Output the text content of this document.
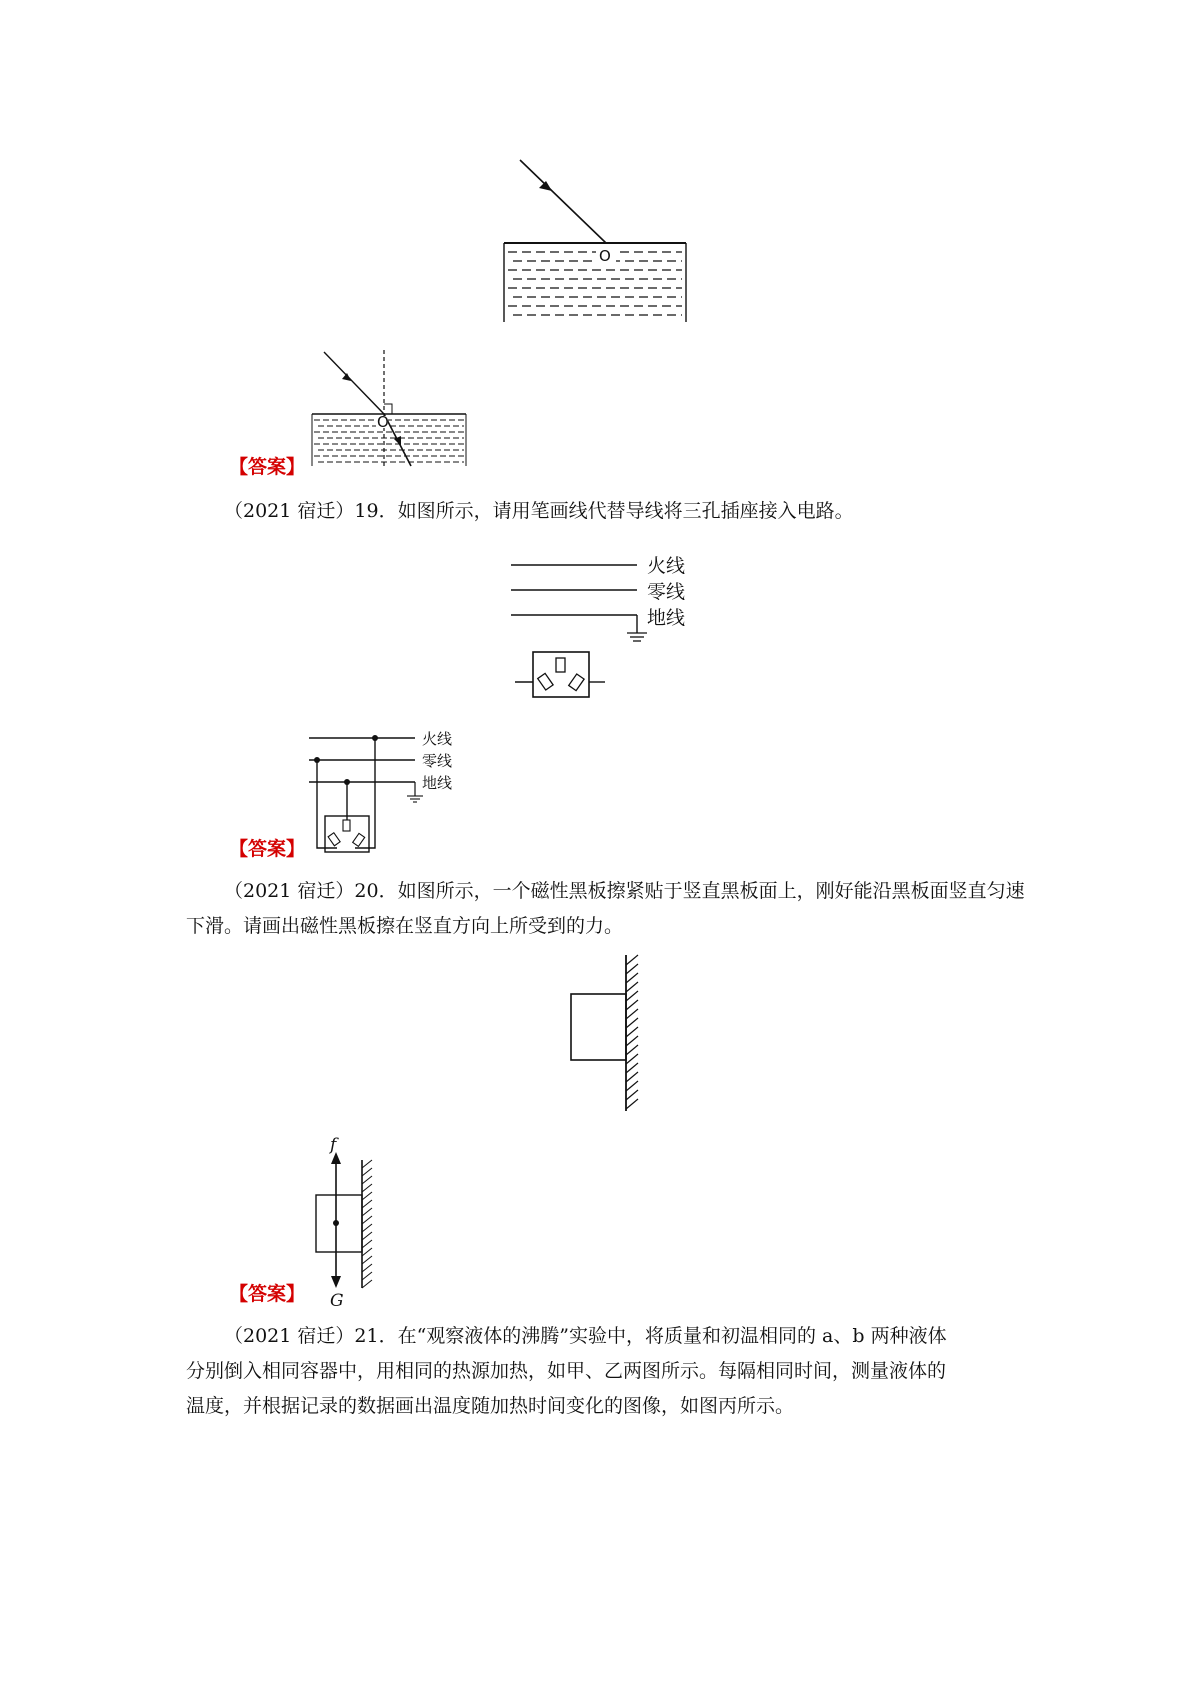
O
O
【答案】

（2021 宿迁）19．如图所示，请用笔画线代替导线将三孔插座接入电路。

火线
零线
地线
火线
零线
地线
【答案】

（2021 宿迁）20．如图所示，一个磁性黑板擦紧贴于竖直黑板面上，刚好能沿黑板面竖直匀速下滑。请画出磁性黑板擦在竖直方向上所受到的力。

f
G
【答案】

（2021 宿迁）21．在“观察液体的沸腾”实验中，将质量和初温相同的 a、b 两种液体

分别倒入相同容器中，用相同的热源加热，如甲、乙两图所示。每隔相同时间，测量液体的

温度，并根据记录的数据画出温度随加热时间变化的图像，如图丙所示。
